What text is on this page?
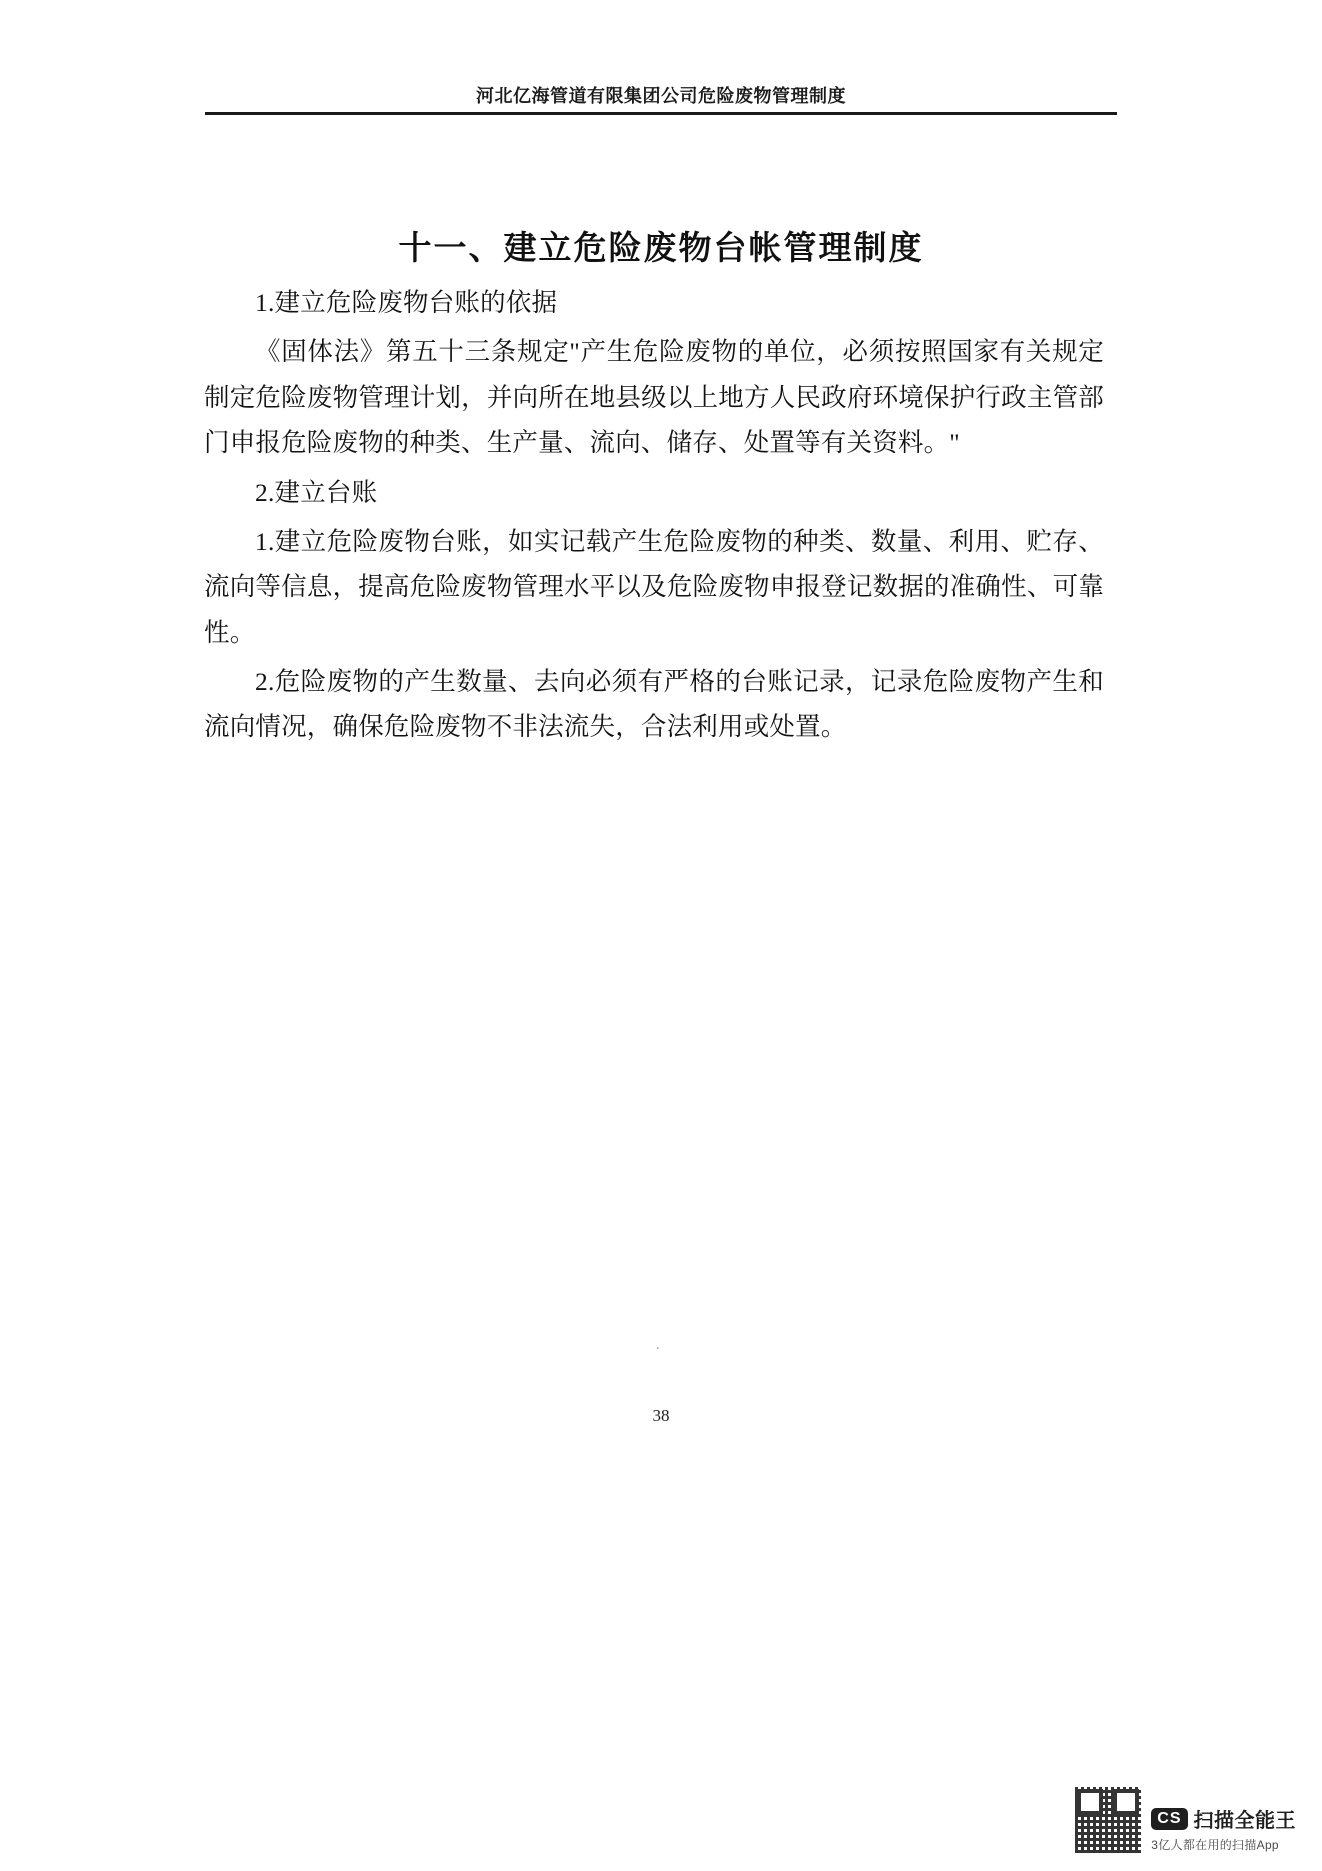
河北亿海管道有限集团公司危险废物管理制度
十一、建立危险废物台帐管理制度

1.建立危险废物台账的依据

《固体法》第五十三条规定"产生危险废物的单位，必须按照国家有关规定制定危险废物管理计划，并向所在地县级以上地方人民政府环境保护行政主管部门申报危险废物的种类、生产量、流向、储存、处置等有关资料。"

2.建立台账

1.建立危险废物台账，如实记载产生危险废物的种类、数量、利用、贮存、流向等信息，提高危险废物管理水平以及危险废物申报登记数据的准确性、可靠性。

2.危险废物的产生数量、去向必须有严格的台账记录，记录危险废物产生和流向情况，确保危险废物不非法流失，合法利用或处置。

.
38
CS 扫描全能王
3亿人都在用的扫描App
